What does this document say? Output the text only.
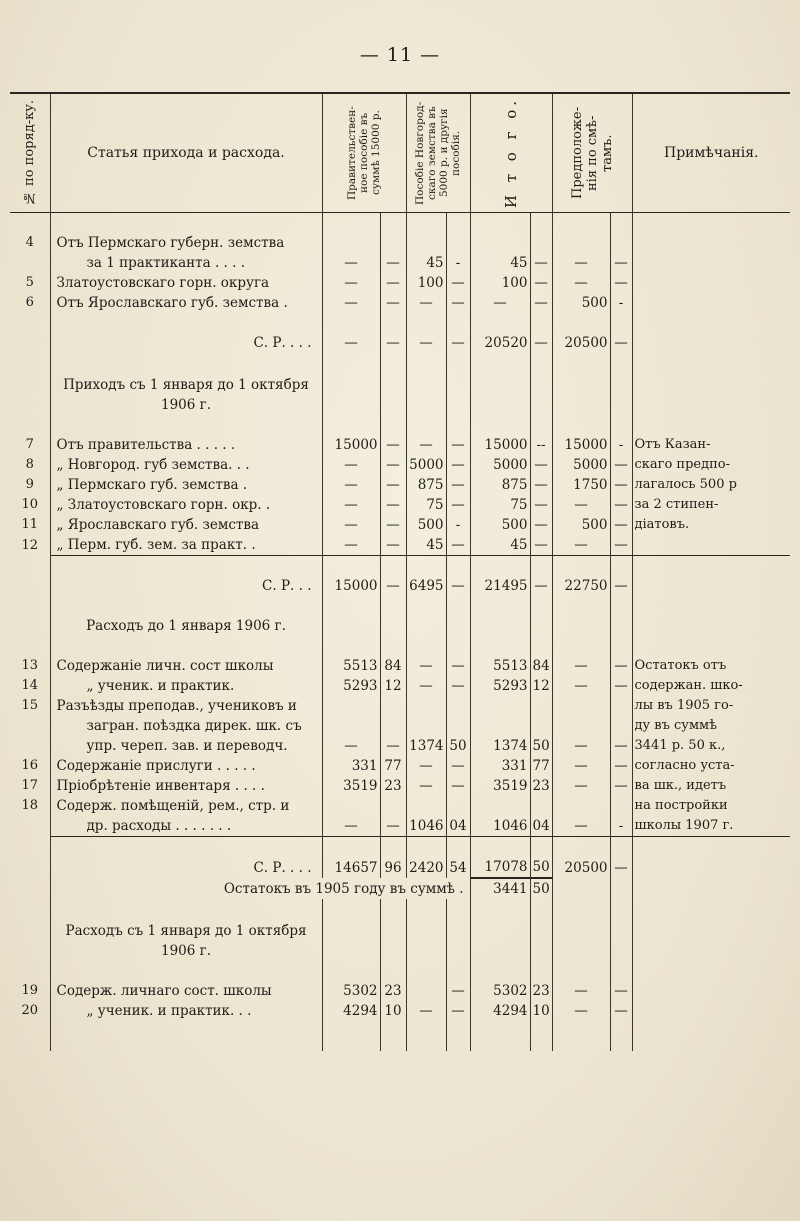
— 11 —
№ по поряд-ку.	Статья прихода и расхода.	Правительствен-ное пособіе въ суммѣ 15000 р.		Пособіе Новгород-скаго земства въ 5000 р. и другія пособія.		И т о г о.		Предположе-нія по смѣ-тамъ.		Примѣчанія.

4	Отъ Пермскаго губерн. земства									
	за 1 практиканта . . . .	—	—	45	-	45	—	—	—	
5	Златоустовскаго горн. округа	—	—	100	—	100	—	—	—	
6	Отъ Ярославскаго губ. земства .	—	—	—	—	—	—	500	-	

	С. Р. . . .	—	—	—	—	20520	—	20500	—	

	Приходъ съ 1 января до 1 октября 1906 г.									

7	Отъ правительства . . . . .	15000	—	—	—	15000	--	15000	-	Отъ Казан-
8	„ Новгород. губ земства. . .	—	—	5000	—	5000	—	5000	—	скаго предпо-
9	„ Пермскаго губ. земства .	—	—	875	—	875	—	1750	—	лагалось 500 р
10	„ Златоустовскаго горн. окр. .	—	—	75	—	75	—	—	—	за 2 стипен-
11	„ Ярославскаго губ. земства	—	—	500	-	500	—	500	—	діатовъ.
12	„ Перм. губ. зем. за практ. .	—	—	45	—	45	—	—	—	

	С. Р. . .	15000	—	6495	—	21495	—	22750	—	

	Расходъ до 1 января 1906 г.									

13	Содержаніе личн. сост школы	5513	84	—	—	5513	84	—	—	Остатокъ отъ
14	„ ученик. и практик.	5293	12	—	—	5293	12	—	—	содержан. шко-
15	Разъѣзды преподав., учениковъ и									лы въ 1905 го-
	загран. поѣздка дирек. шк. съ									ду въ суммѣ
	упр. череп. зав. и переводч.	—	—	1374	50	1374	50	—	—	3441 р. 50 к.,
16	Содержаніе прислуги . . . . .	331	77	—	—	331	77	—	—	согласно уста-
17	Пріобрѣтеніе инвентаря . . . .	3519	23	—	—	3519	23	—	—	ва шк., идетъ
18	Содерж. помѣщеній, рем., стр. и									на постройки
	др. расходы . . . . . . .	—	—	1046	04	1046	04	—	-	школы 1907 г.

	С. Р. . . .	14657	96	2420	54	17078	50	20500	—	
	Остатокъ въ 1905 году въ суммѣ .					3441	50			

	Расходъ съ 1 января до 1 октября 1906 г.									

19	Содерж. личнаго сост. школы	5302	23		—	5302	23	—	—	
20	„ ученик. и практик. . .	4294	10	—	—	4294	10	—	—	
